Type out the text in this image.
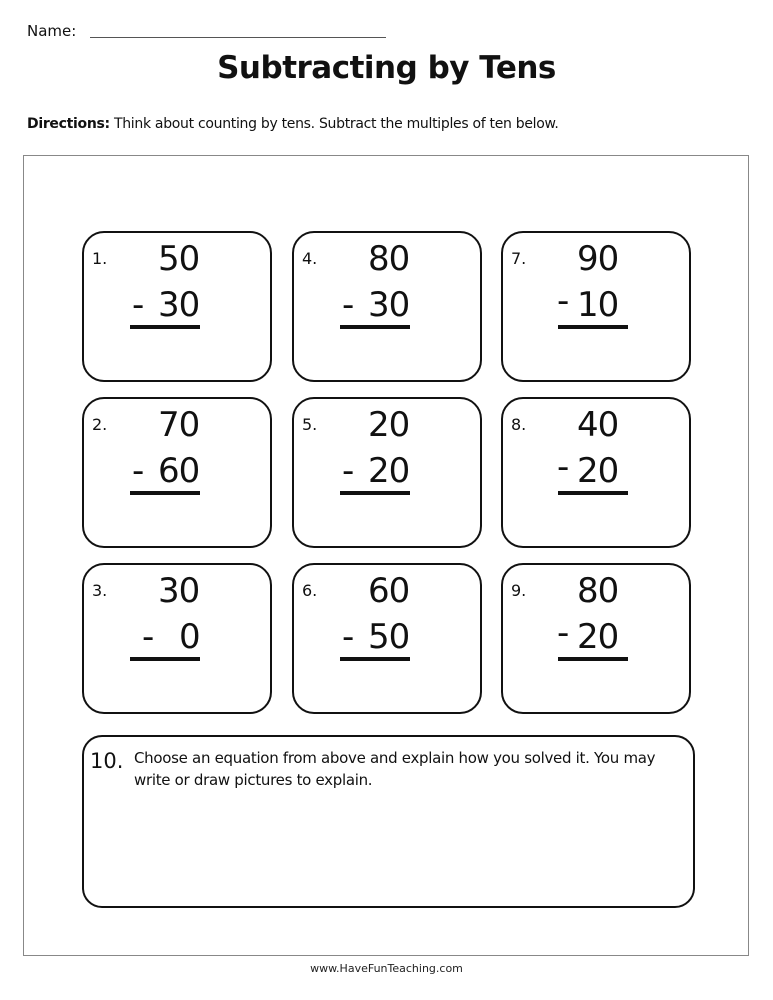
Name:
Subtracting by Tens
Directions: Think about counting by tens. Subtract the multiples of ten below.
1. 50
- 30
2. 70
- 60
3. 30
- 0
4. 80
- 30
5. 20
- 20
6. 60
- 50
7. 90
- 10
8. 40
- 20
9. 80
- 20
10. Choose an equation from above and explain how you solved it. You may write or draw pictures to explain.
www.HaveFunTeaching.com
